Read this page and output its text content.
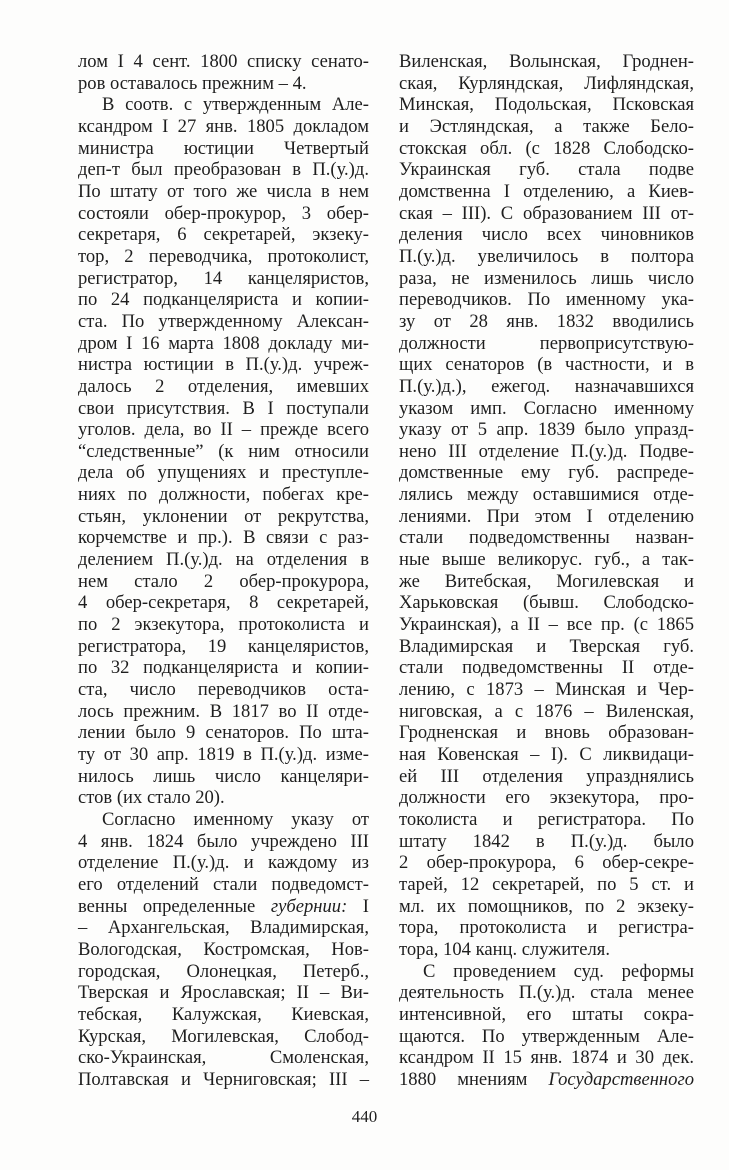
лом I 4 сент. 1800 списку сенато-
ров оставалось прежним – 4.
В соотв. с утвержденным Але-
ксандром I 27 янв. 1805 докладом
министра юстиции Четвертый
деп-т был преобразован в П.(у.)д.
По штату от того же числа в нем
состояли обер-прокурор, 3 обер-
секретаря, 6 секретарей, экзеку-
тор, 2 переводчика, протоколист,
регистратор, 14 канцеляристов,
по 24 подканцеляриста и копии-
ста. По утвержденному Алексан-
дром I 16 марта 1808 докладу ми-
нистра юстиции в П.(у.)д. учреж-
далось 2 отделения, имевших
свои присутствия. В I поступали
уголов. дела, во II – прежде всего
“следственные” (к ним относили
дела об упущениях и преступле-
ниях по должности, побегах кре-
стьян, уклонении от рекрутства,
корчемстве и пр.). В связи с раз-
делением П.(у.)д. на отделения в
нем стало 2 обер-прокурора,
4 обер-секретаря, 8 секретарей,
по 2 экзекутора, протоколиста и
регистратора, 19 канцеляристов,
по 32 подканцеляриста и копии-
ста, число переводчиков оста-
лось прежним. В 1817 во II отде-
лении было 9 сенаторов. По шта-
ту от 30 апр. 1819 в П.(у.)д. изме-
нилось лишь число канцеляри-
стов (их стало 20).
Согласно именному указу от
4 янв. 1824 было учреждено III
отделение П.(у.)д. и каждому из
его отделений стали подведомст-
венны определенные губернии: I
– Архангельская, Владимирская,
Вологодская, Костромская, Нов-
городская, Олонецкая, Петерб.,
Тверская и Ярославская; II – Ви-
тебская, Калужская, Киевская,
Курская, Могилевская, Слобод-
ско-Украинская, Смоленская,
Полтавская и Черниговская; III –
Виленская, Волынская, Гроднен-
ская, Курляндская, Лифляндская,
Минская, Подольская, Псковская
и Эстляндская, а также Бело-
стокская обл. (с 1828 Слободско-
Украинская губ. стала подве
домственна I отделению, а Киев-
ская – III). С образованием III от-
деления число всех чиновников
П.(у.)д. увеличилось в полтора
раза, не изменилось лишь число
переводчиков. По именному ука-
зу от 28 янв. 1832 вводились
должности первоприсутствую-
щих сенаторов (в частности, и в
П.(у.)д.), ежегод. назначавшихся
указом имп. Согласно именному
указу от 5 апр. 1839 было упразд-
нено III отделение П.(у.)д. Подве-
домственные ему губ. распреде-
лялись между оставшимися отде-
лениями. При этом I отделению
стали подведомственны назван-
ные выше великорус. губ., а так-
же Витебская, Могилевская и
Харьковская (бывш. Слободско-
Украинская), а II – все пр. (с 1865
Владимирская и Тверская губ.
стали подведомственны II отде-
лению, с 1873 – Минская и Чер-
ниговская, а с 1876 – Виленская,
Гродненская и вновь образован-
ная Ковенская – I). С ликвидаци-
ей III отделения упразднялись
должности его экзекутора, про-
токолиста и регистратора. По
штату 1842 в П.(у.)д. было
2 обер-прокурора, 6 обер-секре-
тарей, 12 секретарей, по 5 ст. и
мл. их помощников, по 2 экзеку-
тора, протоколиста и регистра-
тора, 104 канц. служителя.
С проведением суд. реформы
деятельность П.(у.)д. стала менее
интенсивной, его штаты сокра-
щаются. По утвержденным Але-
ксандром II 15 янв. 1874 и 30 дек.
1880 мнениям Государственного
440
